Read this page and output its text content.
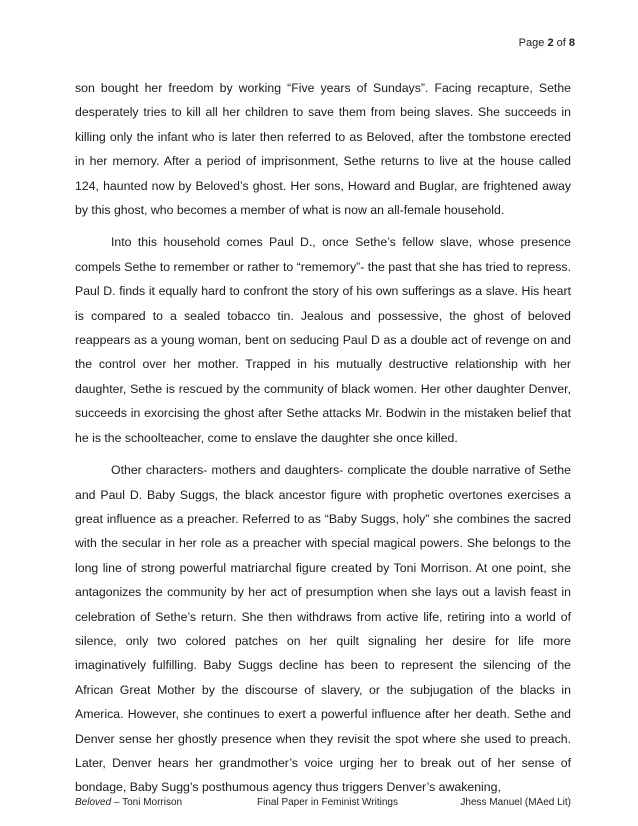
Page 2 of 8

son bought her freedom by working “Five years of Sundays”. Facing recapture, Sethe desperately tries to kill all her children to save them from being slaves. She succeeds in killing only the infant who is later then referred to as Beloved, after the tombstone erected in her memory. After a period of imprisonment, Sethe returns to live at the house called 124, haunted now by Beloved’s ghost. Her sons, Howard and Buglar, are frightened away by this ghost, who becomes a member of what is now an all-female household.

Into this household comes Paul D., once Sethe’s fellow slave, whose presence compels Sethe to remember or rather to “rememory”- the past that she has tried to repress. Paul D. finds it equally hard to confront the story of his own sufferings as a slave. His heart is compared to a sealed tobacco tin. Jealous and possessive, the ghost of beloved reappears as a young woman, bent on seducing Paul D as a double act of revenge on and the control over her mother. Trapped in his mutually destructive relationship with her daughter, Sethe is rescued by the community of black women. Her other daughter Denver, succeeds in exorcising the ghost after Sethe attacks Mr. Bodwin in the mistaken belief that he is the schoolteacher, come to enslave the daughter she once killed.

Other characters- mothers and daughters- complicate the double narrative of Sethe and Paul D. Baby Suggs, the black ancestor figure with prophetic overtones exercises a great influence as a preacher. Referred to as “Baby Suggs, holy” she combines the sacred with the secular in her role as a preacher with special magical powers. She belongs to the long line of strong powerful matriarchal figure created by Toni Morrison. At one point, she antagonizes the community by her act of presumption when she lays out a lavish feast in celebration of Sethe’s return. She then withdraws from active life, retiring into a world of silence, only two colored patches on her quilt signaling her desire for life more imaginatively fulfilling. Baby Suggs decline has been to represent the silencing of the African Great Mother by the discourse of slavery, or the subjugation of the blacks in America. However, she continues to exert a powerful influence after her death. Sethe and Denver sense her ghostly presence when they revisit the spot where she used to preach. Later, Denver hears her grandmother’s voice urging her to break out of her sense of bondage, Baby Sugg’s posthumous agency thus triggers Denver’s awakening,

Beloved – Toni Morrison	Final Paper in Feminist Writings	Jhess Manuel (MAed Lit)
